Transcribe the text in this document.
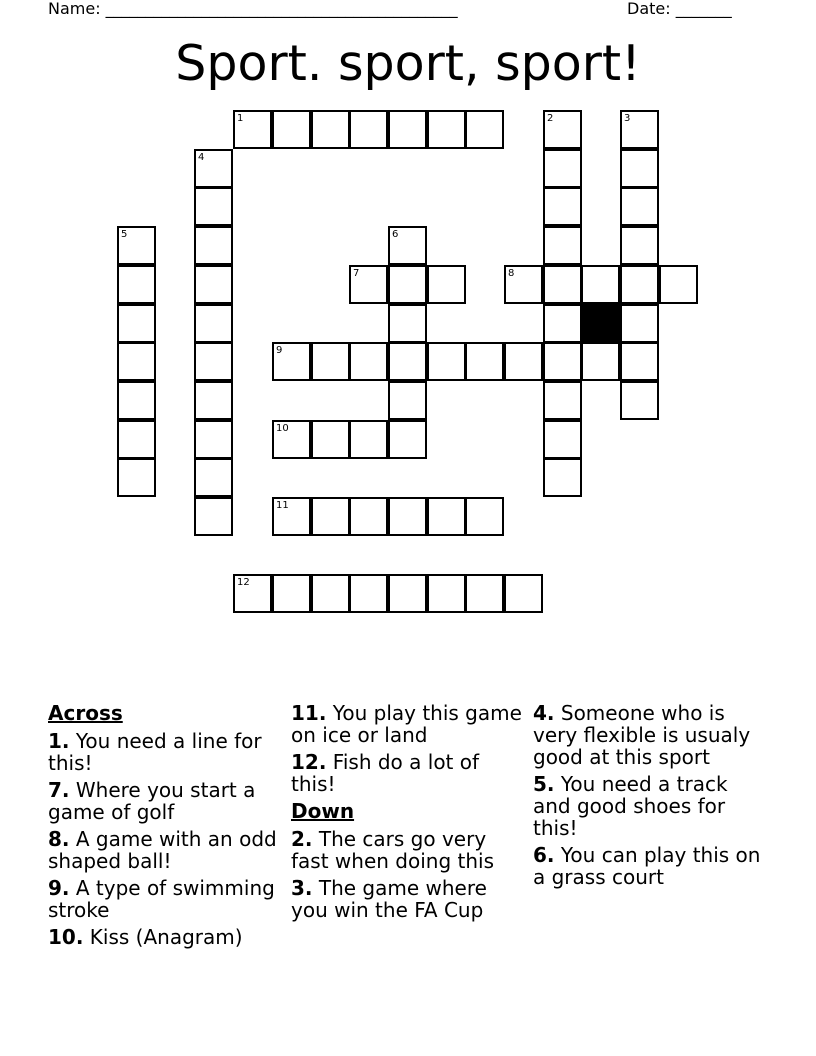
Name: ____________________________________________	Date: _______
Sport. sport, sport!
1
7	8
9
10
11
12
2	3
4
5	6
Across
1. You need a line for this!
7. Where you start a game of golf
8. A game with an odd shaped ball!
9. A type of swimming stroke
10. Kiss (Anagram)
11. You play this game on ice or land
12. Fish do a lot of this!
Down
2. The cars go very fast when doing this
3. The game where you win the FA Cup
4. Someone who is very flexible is usualy good at this sport
5. You need a track and good shoes for this!
6. You can play this on a grass court
